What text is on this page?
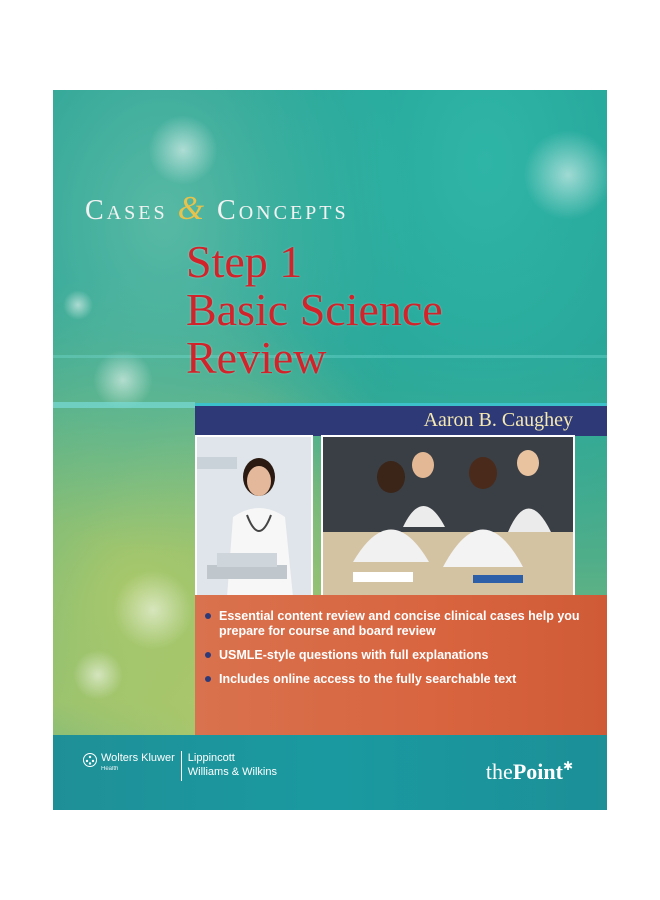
Cases & Concepts
Step 1
Basic Science
Review
Aaron B. Caughey
Essential content review and concise clinical cases help you prepare for course and board review
USMLE-style questions with full explanations
Includes online access to the fully searchable text
Wolters Kluwer
Health
Lippincott
Williams & Wilkins	thePoint✱
